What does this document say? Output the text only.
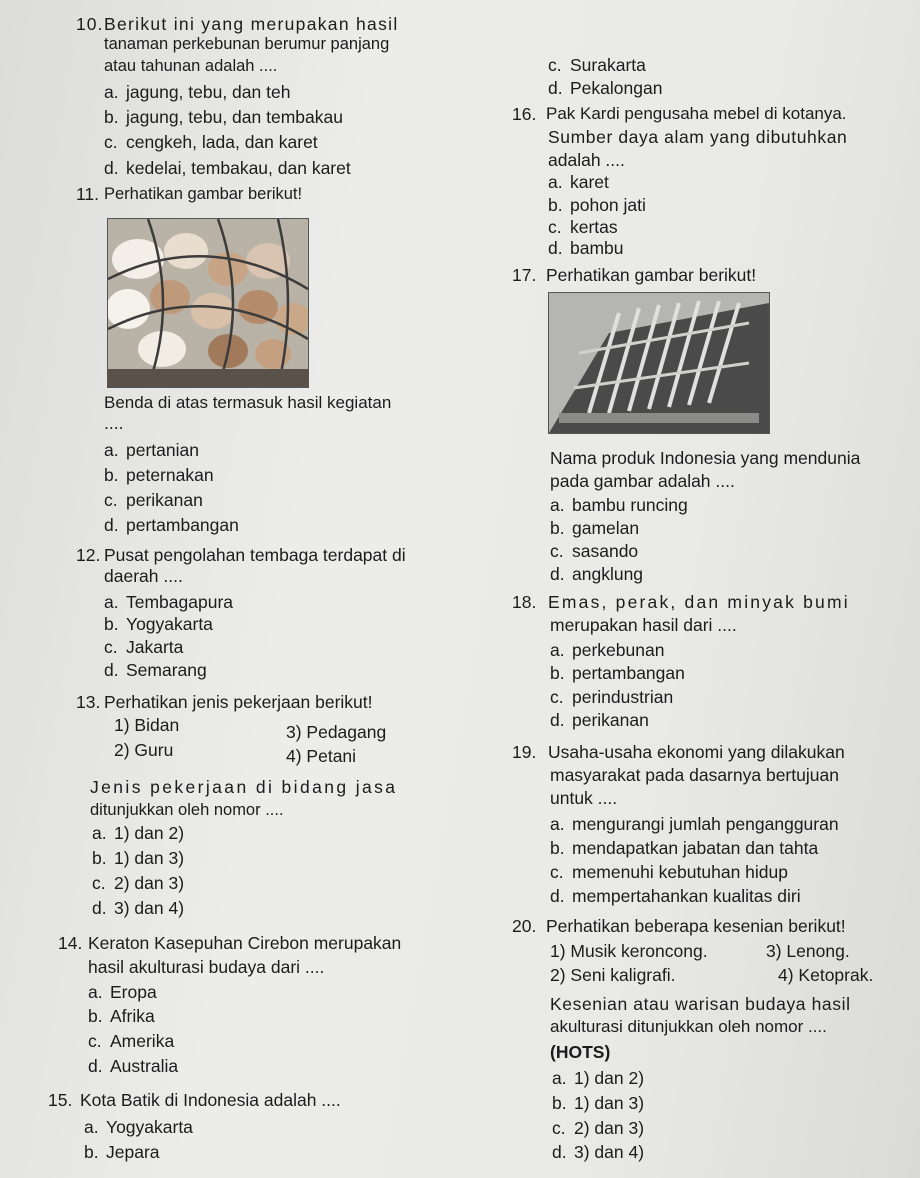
10. Berikut ini yang merupakan hasil
tanaman perkebunan berumur panjang
atau tahunan adalah ....
a. jagung, tebu, dan teh
b. jagung, tebu, dan tembakau
c. cengkeh, lada, dan karet
d. kedelai, tembakau, dan karet
11. Perhatikan gambar berikut!
Benda di atas termasuk hasil kegiatan
....
a. pertanian
b. peternakan
c. perikanan
d. pertambangan
12. Pusat pengolahan tembaga terdapat di
daerah ....
a. Tembagapura
b. Yogyakarta
c. Jakarta
d. Semarang
13. Perhatikan jenis pekerjaan berikut!
1) Bidan	3) Pedagang
2) Guru	4) Petani
Jenis pekerjaan di bidang jasa
ditunjukkan oleh nomor ....
a. 1) dan 2)
b. 1) dan 3)
c. 2) dan 3)
d. 3) dan 4)
14. Keraton Kasepuhan Cirebon merupakan
hasil akulturasi budaya dari ....
a. Eropa
b. Afrika
c. Amerika
d. Australia
15. Kota Batik di Indonesia adalah ....
a. Yogyakarta
b. Jepara
c. Surakarta
d. Pekalongan
16. Pak Kardi pengusaha mebel di kotanya.
Sumber daya alam yang dibutuhkan
adalah ....
a. karet
b. pohon jati
c. kertas
d. bambu
17. Perhatikan gambar berikut!
Nama produk Indonesia yang mendunia
pada gambar adalah ....
a. bambu runcing
b. gamelan
c. sasando
d. angklung
18. Emas, perak, dan minyak bumi
merupakan hasil dari ....
a. perkebunan
b. pertambangan
c. perindustrian
d. perikanan
19. Usaha-usaha ekonomi yang dilakukan
masyarakat pada dasarnya bertujuan
untuk ....
a. mengurangi jumlah pengangguran
b. mendapatkan jabatan dan tahta
c. memenuhi kebutuhan hidup
d. mempertahankan kualitas diri
20. Perhatikan beberapa kesenian berikut!
1) Musik keroncong.	3) Lenong.
2) Seni kaligrafi.	4) Ketoprak.
Kesenian atau warisan budaya hasil
akulturasi ditunjukkan oleh nomor ....
(HOTS)
a. 1) dan 2)
b. 1) dan 3)
c. 2) dan 3)
d. 3) dan 4)
